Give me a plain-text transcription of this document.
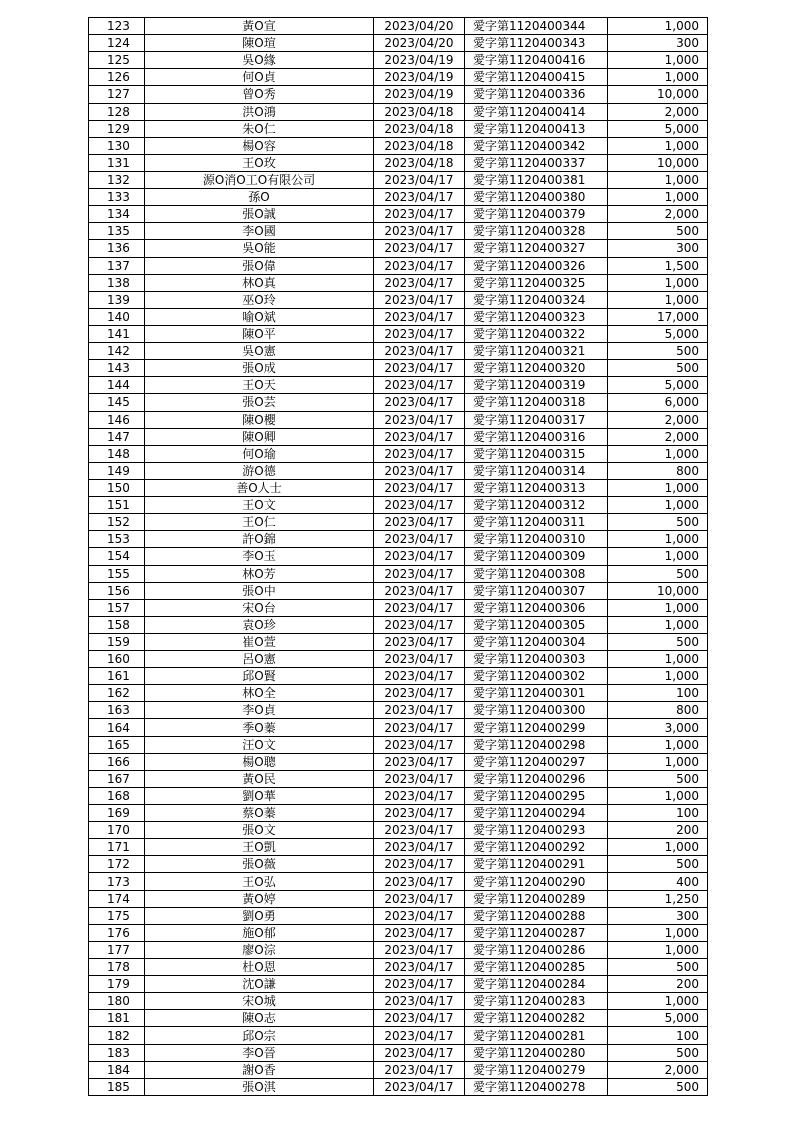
123	黃O宣	2023/04/20	愛字第1120400344	1,000
124	陳O瑄	2023/04/20	愛字第1120400343	300
125	吳O緣	2023/04/19	愛字第1120400416	1,000
126	何O貞	2023/04/19	愛字第1120400415	1,000
127	曾O秀	2023/04/19	愛字第1120400336	10,000
128	洪O鴻	2023/04/18	愛字第1120400414	2,000
129	朱O仁	2023/04/18	愛字第1120400413	5,000
130	楊O容	2023/04/18	愛字第1120400342	1,000
131	王O玫	2023/04/18	愛字第1120400337	10,000
132	源O消O工O有限公司	2023/04/17	愛字第1120400381	1,000
133	孫O	2023/04/17	愛字第1120400380	1,000
134	張O誠	2023/04/17	愛字第1120400379	2,000
135	李O國	2023/04/17	愛字第1120400328	500
136	吳O能	2023/04/17	愛字第1120400327	300
137	張O偉	2023/04/17	愛字第1120400326	1,500
138	林O真	2023/04/17	愛字第1120400325	1,000
139	巫O玲	2023/04/17	愛字第1120400324	1,000
140	喻O斌	2023/04/17	愛字第1120400323	17,000
141	陳O平	2023/04/17	愛字第1120400322	5,000
142	吳O憲	2023/04/17	愛字第1120400321	500
143	張O成	2023/04/17	愛字第1120400320	500
144	王O天	2023/04/17	愛字第1120400319	5,000
145	張O芸	2023/04/17	愛字第1120400318	6,000
146	陳O櫻	2023/04/17	愛字第1120400317	2,000
147	陳O卿	2023/04/17	愛字第1120400316	2,000
148	何O瑜	2023/04/17	愛字第1120400315	1,000
149	游O德	2023/04/17	愛字第1120400314	800
150	善O人士	2023/04/17	愛字第1120400313	1,000
151	王O文	2023/04/17	愛字第1120400312	1,000
152	王O仁	2023/04/17	愛字第1120400311	500
153	許O錦	2023/04/17	愛字第1120400310	1,000
154	李O玉	2023/04/17	愛字第1120400309	1,000
155	林O芳	2023/04/17	愛字第1120400308	500
156	張O中	2023/04/17	愛字第1120400307	10,000
157	宋O台	2023/04/17	愛字第1120400306	1,000
158	袁O珍	2023/04/17	愛字第1120400305	1,000
159	崔O萱	2023/04/17	愛字第1120400304	500
160	呂O憲	2023/04/17	愛字第1120400303	1,000
161	邱O賢	2023/04/17	愛字第1120400302	1,000
162	林O全	2023/04/17	愛字第1120400301	100
163	李O貞	2023/04/17	愛字第1120400300	800
164	季O蓁	2023/04/17	愛字第1120400299	3,000
165	汪O文	2023/04/17	愛字第1120400298	1,000
166	楊O聰	2023/04/17	愛字第1120400297	1,000
167	黃O民	2023/04/17	愛字第1120400296	500
168	劉O華	2023/04/17	愛字第1120400295	1,000
169	蔡O蓁	2023/04/17	愛字第1120400294	100
170	張O文	2023/04/17	愛字第1120400293	200
171	王O凱	2023/04/17	愛字第1120400292	1,000
172	張O薇	2023/04/17	愛字第1120400291	500
173	王O弘	2023/04/17	愛字第1120400290	400
174	黃O婷	2023/04/17	愛字第1120400289	1,250
175	劉O勇	2023/04/17	愛字第1120400288	300
176	施O郁	2023/04/17	愛字第1120400287	1,000
177	廖O淙	2023/04/17	愛字第1120400286	1,000
178	杜O恩	2023/04/17	愛字第1120400285	500
179	沈O謙	2023/04/17	愛字第1120400284	200
180	宋O城	2023/04/17	愛字第1120400283	1,000
181	陳O志	2023/04/17	愛字第1120400282	5,000
182	邱O宗	2023/04/17	愛字第1120400281	100
183	李O晉	2023/04/17	愛字第1120400280	500
184	謝O香	2023/04/17	愛字第1120400279	2,000
185	張O淇	2023/04/17	愛字第1120400278	500
